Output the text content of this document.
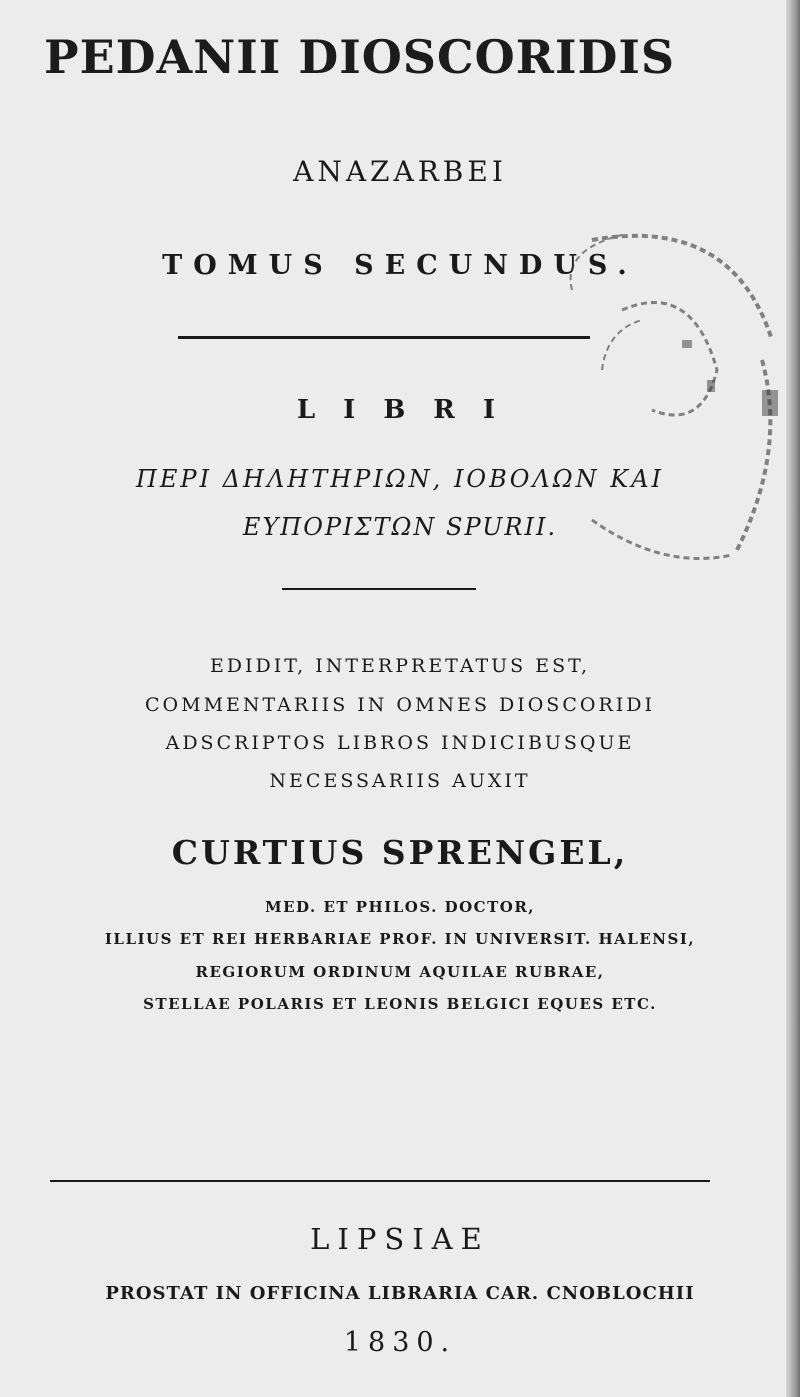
PEDANII DIOSCORIDIS
ANAZARBEI
TOMUS SECUNDUS.
LIBRI
ΠΕΡΙ ΔΗΛΗΤΗΡΙΩΝ, ΙΟΒΟΛΩΝ ΚΑΙ
ΕΥΠΟΡΙΣΤΩΝ SPURII.
EDIDIT, INTERPRETATUS EST,
COMMENTARIIS IN OMNES DIOSCORIDI
ADSCRIPTOS LIBROS INDICIBUSQUE
NECESSARIIS AUXIT
CURTIUS SPRENGEL,
MED. ET PHILOS. DOCTOR,
ILLIUS ET REI HERBARIAE PROF. IN UNIVERSIT. HALENSI,
REGIORUM ORDINUM AQUILAE RUBRAE,
STELLAE POLARIS ET LEONIS BELGICI EQUES ETC.
LIPSIAE
PROSTAT IN OFFICINA LIBRARIA CAR. CNOBLOCHII
1830.
